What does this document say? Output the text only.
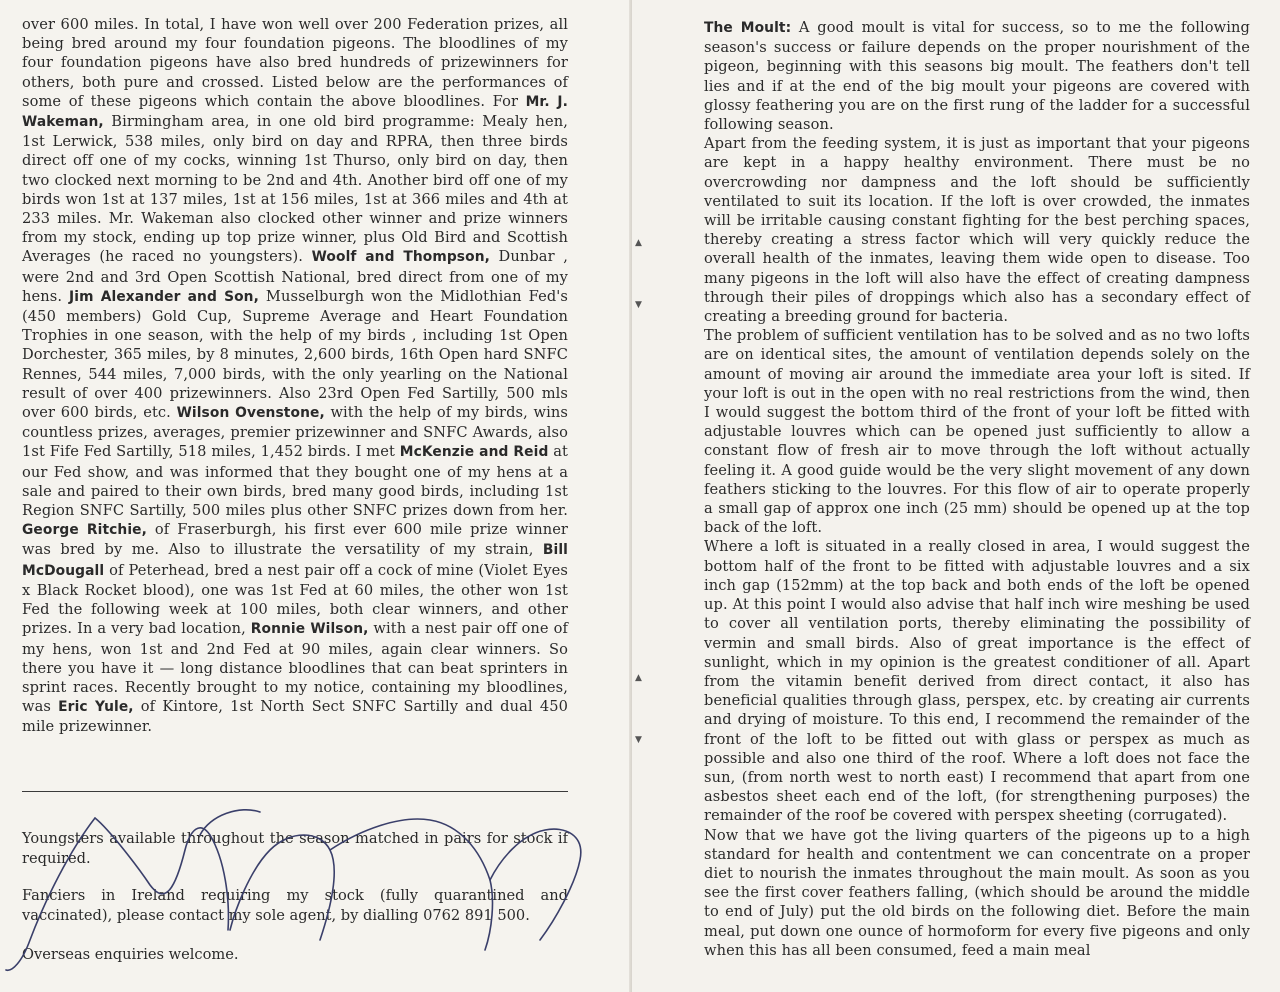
over 600 miles. In total, I have won well over 200 Federation prizes, all being bred around my four foundation pigeons. The bloodlines of my four foundation pigeons have also bred hundreds of prizewinners for others, both pure and crossed. Listed below are the performances of some of these pigeons which contain the above bloodlines. For Mr. J. Wakeman, Birmingham area, in one old bird programme: Mealy hen, 1st Lerwick, 538 miles, only bird on day and RPRA, then three birds direct off one of my cocks, winning 1st Thurso, only bird on day, then two clocked next morning to be 2nd and 4th. Another bird off one of my birds won 1st at 137 miles, 1st at 156 miles, 1st at 366 miles and 4th at 233 miles. Mr. Wakeman also clocked other winner and prize winners from my stock, ending up top prize winner, plus Old Bird and Scottish Averages (he raced no youngsters). Woolf and Thompson, Dunbar , were 2nd and 3rd Open Scottish National, bred direct from one of my hens. Jim Alexander and Son, Musselburgh won the Midlothian Fed's (450 members) Gold Cup, Supreme Average and Heart Foundation Trophies in one season, with the help of my birds , including 1st Open Dorchester, 365 miles, by 8 minutes, 2,600 birds, 16th Open hard SNFC Rennes, 544 miles, 7,000 birds, with the only yearling on the National result of over 400 prizewinners. Also 23rd Open Fed Sartilly, 500 mls over 600 birds, etc. Wilson Ovenstone, with the help of my birds, wins countless prizes, averages, premier prizewinner and SNFC Awards, also 1st Fife Fed Sartilly, 518 miles, 1,452 birds. I met McKenzie and Reid at our Fed show, and was informed that they bought one of my hens at a sale and paired to their own birds, bred many good birds, including 1st Region SNFC Sartilly, 500 miles plus other SNFC prizes down from her. George Ritchie, of Fraserburgh, his first ever 600 mile prize winner was bred by me. Also to illustrate the versatility of my strain, Bill McDougall of Peterhead, bred a nest pair off a cock of mine (Violet Eyes x Black Rocket blood), one was 1st Fed at 60 miles, the other won 1st Fed the following week at 100 miles, both clear winners, and other prizes. In a very bad location, Ronnie Wilson, with a nest pair off one of my hens, won 1st and 2nd Fed at 90 miles, again clear winners. So there you have it — long distance bloodlines that can beat sprinters in sprint races. Recently brought to my notice, containing my bloodlines, was Eric Yule, of Kintore, 1st North Sect SNFC Sartilly and dual 450 mile prizewinner.

Youngsters available throughout the season matched in pairs for stock if required.

Fanciers in Ireland requiring my stock (fully quarantined and vaccinated), please contact my sole agent, by dialling 0762 891 500.

Overseas enquiries welcome.

▲
▼
▲
▼

The Moult: A good moult is vital for success, so to me the following season's success or failure depends on the proper nourishment of the pigeon, beginning with this seasons big moult. The feathers don't tell lies and if at the end of the big moult your pigeons are covered with glossy feathering you are on the first rung of the ladder for a successful following season.

Apart from the feeding system, it is just as important that your pigeons are kept in a happy healthy environment. There must be no overcrowding nor dampness and the loft should be sufficiently ventilated to suit its location. If the loft is over crowded, the inmates will be irritable causing constant fighting for the best perching spaces, thereby creating a stress factor which will very quickly reduce the overall health of the inmates, leaving them wide open to disease. Too many pigeons in the loft will also have the effect of creating dampness through their piles of droppings which also has a secondary effect of creating a breeding ground for bacteria.

The problem of sufficient ventilation has to be solved and as no two lofts are on identical sites, the amount of ventilation depends solely on the amount of moving air around the immediate area your loft is sited. If your loft is out in the open with no real restrictions from the wind, then I would suggest the bottom third of the front of your loft be fitted with adjustable louvres which can be opened just sufficiently to allow a constant flow of fresh air to move through the loft without actually feeling it. A good guide would be the very slight movement of any down feathers sticking to the louvres. For this flow of air to operate properly a small gap of approx one inch (25 mm) should be opened up at the top back of the loft.

Where a loft is situated in a really closed in area, I would suggest the bottom half of the front to be fitted with adjustable louvres and a six inch gap (152mm) at the top back and both ends of the loft be opened up. At this point I would also advise that half inch wire meshing be used to cover all ventilation ports, thereby eliminating the possibility of vermin and small birds. Also of great importance is the effect of sunlight, which in my opinion is the greatest conditioner of all. Apart from the vitamin benefit derived from direct contact, it also has beneficial qualities through glass, perspex, etc. by creating air currents and drying of moisture. To this end, I recommend the remainder of the front of the loft to be fitted out with glass or perspex as much as possible and also one third of the roof. Where a loft does not face the sun, (from north west to north east) I recommend that apart from one asbestos sheet each end of the loft, (for strengthening purposes) the remainder of the roof be covered with perspex sheeting (corrugated).

Now that we have got the living quarters of the pigeons up to a high standard for health and contentment we can concentrate on a proper diet to nourish the inmates throughout the main moult. As soon as you see the first cover feathers falling, (which should be around the middle to end of July) put the old birds on the following diet. Before the main meal, put down one ounce of hormoform for every five pigeons and only when this has all been consumed, feed a main meal
